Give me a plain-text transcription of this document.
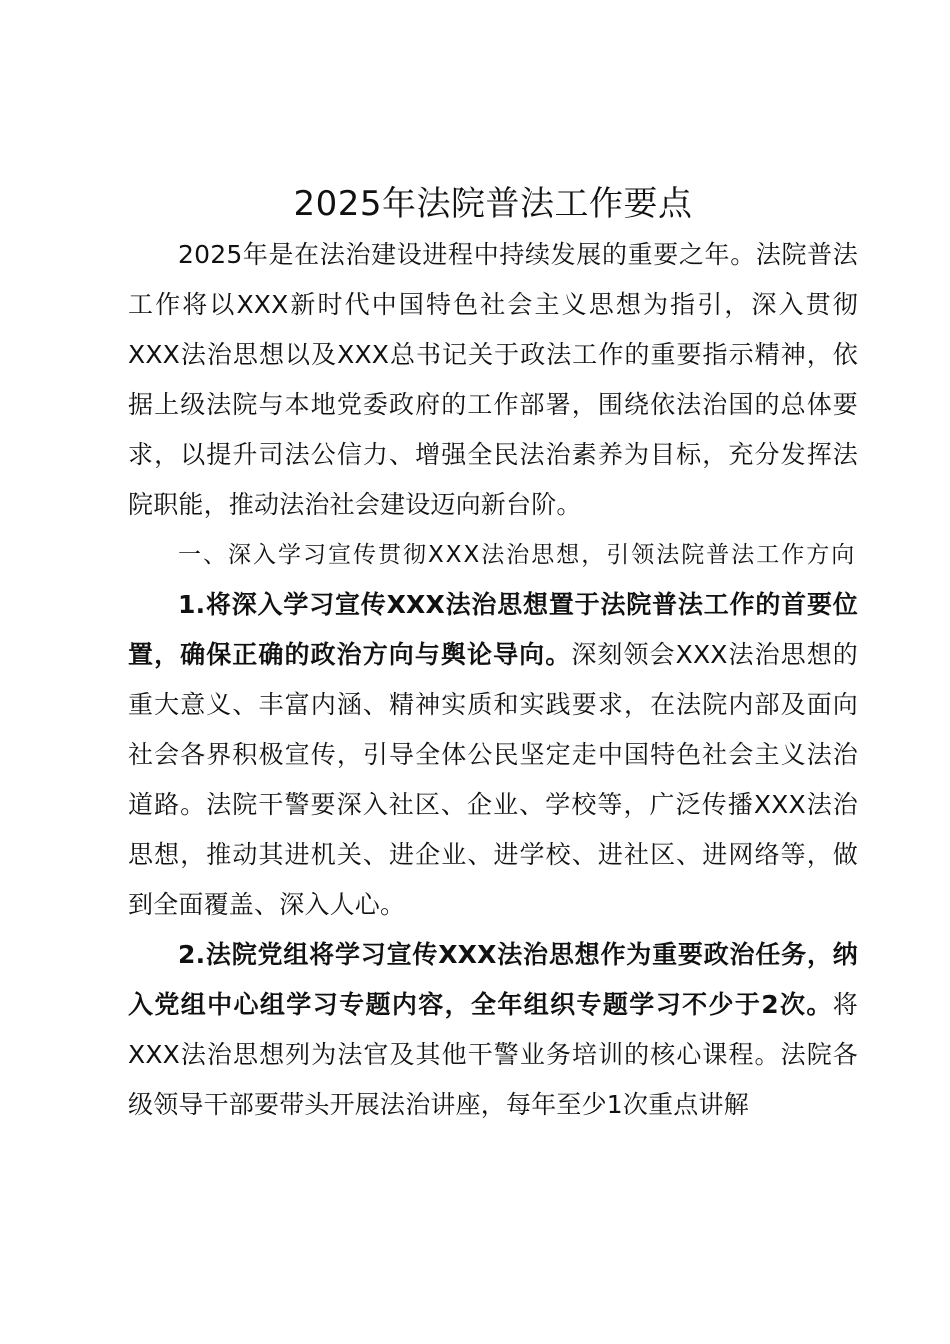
2025年法院普法工作要点

2025年是在法治建设进程中持续发展的重要之年。法院普法工作将以XXX新时代中国特色社会主义思想为指引，深入贯彻XXX法治思想以及XXX总书记关于政法工作的重要指示精神，依据上级法院与本地党委政府的工作部署，围绕依法治国的总体要求，以提升司法公信力、增强全民法治素养为目标，充分发挥法院职能，推动法治社会建设迈向新台阶。

一、深入学习宣传贯彻XXX法治思想，引领法院普法工作方向

1.将深入学习宣传XXX法治思想置于法院普法工作的首要位置，确保正确的政治方向与舆论导向。深刻领会XXX法治思想的重大意义、丰富内涵、精神实质和实践要求，在法院内部及面向社会各界积极宣传，引导全体公民坚定走中国特色社会主义法治道路。法院干警要深入社区、企业、学校等，广泛传播XXX法治思想，推动其进机关、进企业、进学校、进社区、进网络等，做到全面覆盖、深入人心。

2.法院党组将学习宣传XXX法治思想作为重要政治任务，纳入党组中心组学习专题内容，全年组织专题学习不少于2次。将XXX法治思想列为法官及其他干警业务培训的核心课程。法院各级领导干部要带头开展法治讲座，每年至少1次重点讲解
